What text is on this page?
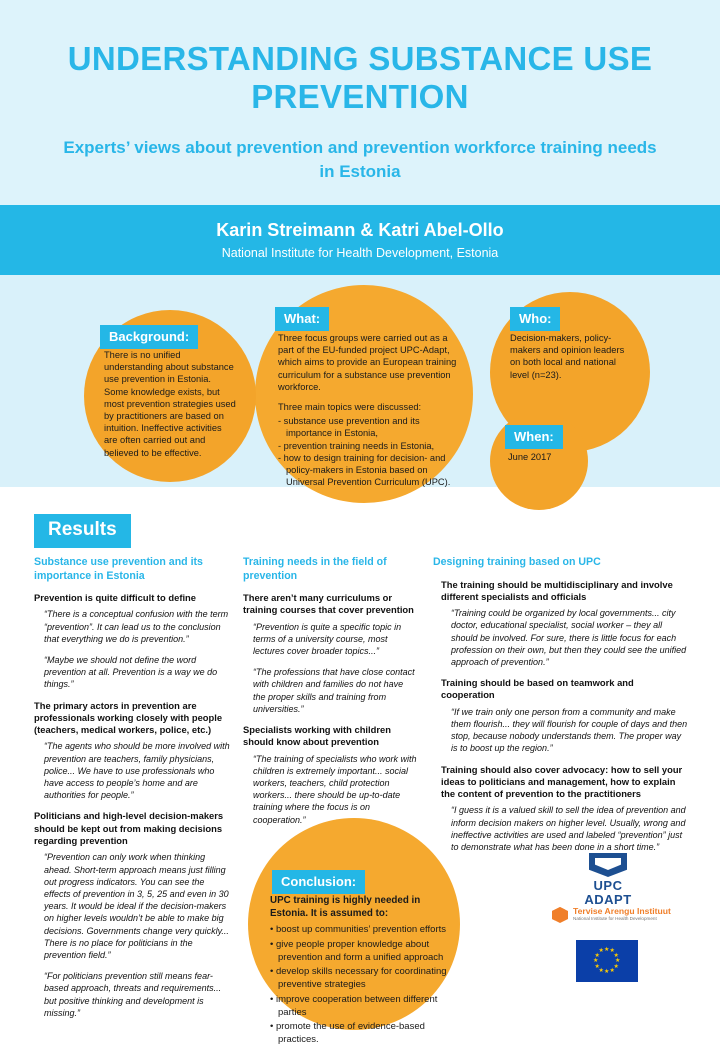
UNDERSTANDING SUBSTANCE USE PREVENTION
Experts’ views about prevention and prevention workforce training needs in Estonia
Karin Streimann & Katri Abel-Ollo
National Institute for Health Development, Estonia
Background:
There is no unified understanding about substance use prevention in Estonia. Some knowledge exists, but most prevention strategies used by practitioners are based on intuition. Ineffective activities are often carried out and believed to be effective.
What:

Three focus groups were carried out as a part of the EU-funded project UPC-Adapt, which aims to provide an European training curriculum for a substance use prevention workforce.

Three main topics were discussed:

- substance use prevention and its importance in Estonia,
- prevention training needs in Estonia,
- how to design training for decision- and policy-makers in Estonia based on Universal Prevention Curriculum (UPC).
Who:
Decision-makers, policy-makers and opinion leaders on both local and national level (n=23).
When:
June 2017
Results
Substance use prevention and its importance in Estonia
Prevention is quite difficult to define
“There is a conceptual confusion with the term “prevention”. It can lead us to the conclusion that everything we do is prevention.”
“Maybe we should not define the word prevention at all. Prevention is a way we do things.”
The primary actors in prevention are professionals working closely with people (teachers, medical workers, police, etc.)
“The agents who should be more involved with prevention are teachers, family physicians, police... We have to use professionals who have access to people’s home and are authorities for people.”
Politicians and high-level decision-makers should be kept out from making decisions regarding prevention
“Prevention can only work when thinking ahead. Short-term approach means just filling out progress indicators. You can see the effects of prevention in 3, 5, 25 and even in 30 years. It would be ideal if the decision-makers on higher levels wouldn’t be able to make big decisions. Governments change very quickly... There is no place for politicians in the prevention field.”
“For politicians prevention still means fear-based approach, threats and requirements... but positive thinking and development is missing.”
Training needs in the field of prevention
There aren’t many curriculums or training courses that cover prevention
“Prevention is quite a specific topic in terms of a university course, most lectures cover broader topics...”
“The professions that have close contact with children and families do not have the proper skills and training from universities.”
Specialists working with children should know about prevention
“The training of specialists who work with children is extremely important... social workers, teachers, child protection workers... there should be up-to-date training where the focus is on cooperation.”
Designing training based on UPC
The training should be multidisciplinary and involve different specialists and officials
“Training could be organized by local governments... city doctor, educational specialist, social worker – they all should be involved. For sure, there is little focus for each profession on their own, but then they could see the unified approach of prevention.”
Training should be based on teamwork and cooperation
“If we train only one person from a community and make them flourish... they will flourish for couple of days and then stop, because nobody understands them. The proper way is to boost up the region.”
Training should also cover advocacy: how to sell your ideas to politicians and management, how to explain the content of prevention to the practitioners
“I guess it is a valued skill to sell the idea of prevention and inform decision makers on higher level. Usually, wrong and ineffective activities are used and labeled “prevention” just to demonstrate what has been done in a short time.”
Conclusion:
UPC training is highly needed in Estonia. It is assumed to:
• boost up communities’ prevention efforts
• give people proper knowledge about prevention and form a unified approach
• develop skills necessary for coordinating preventive strategies
• improve cooperation between different parties
• promote the use of evidence-based practices.
UPC
ADAPT
Tervise Arengu Instituut
National Institute for Health Development
★ ★
★
★
★
★
★
★
★
★
★
★
